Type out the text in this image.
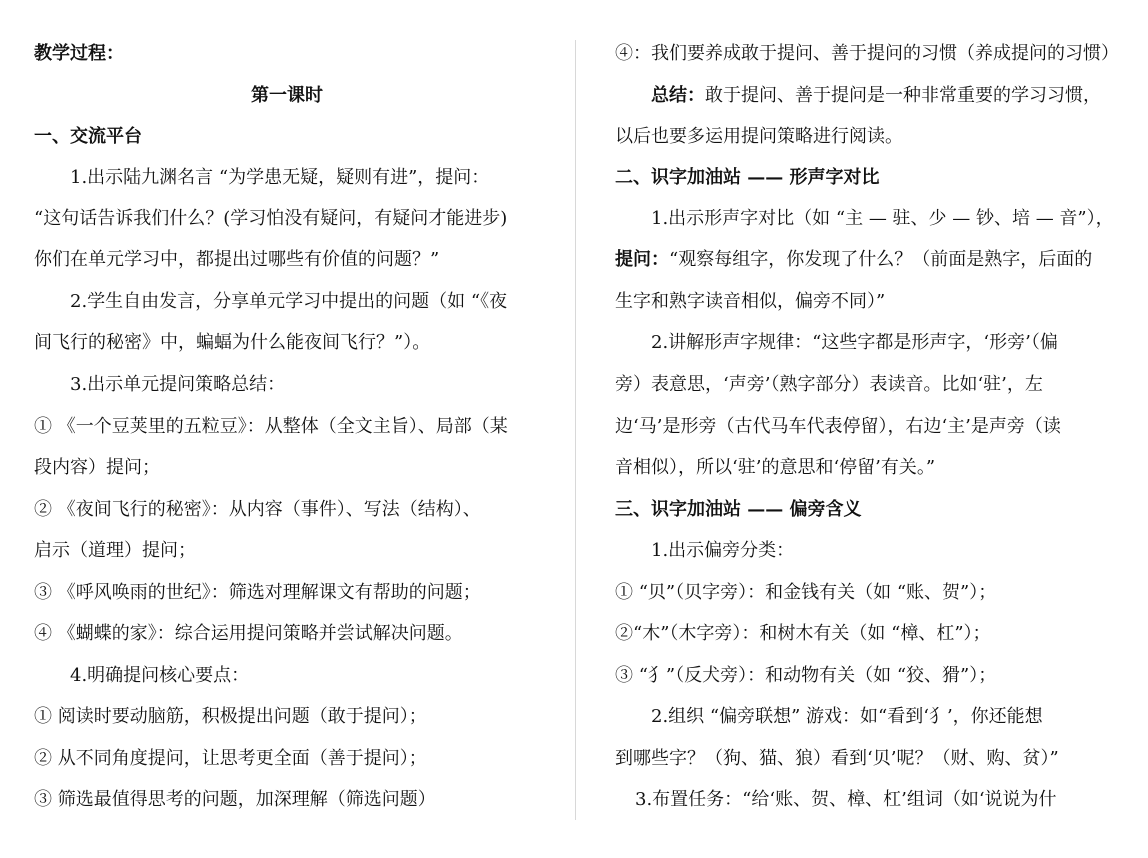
教学过程：
第一课时
一、交流平台
1.出示陆九渊名言 “为学患无疑，疑则有进”，提问：
“这句话告诉我们什么？(学习怕没有疑问，有疑问才能进步)
你们在单元学习中，都提出过哪些有价值的问题？”
2.学生自由发言，分享单元学习中提出的问题（如 “《夜
间飞行的秘密》中，蝙蝠为什么能夜间飞行？”）。
3.出示单元提问策略总结：
① 《一个豆荚里的五粒豆》：从整体（全文主旨）、局部（某
段内容）提问；
② 《夜间飞行的秘密》：从内容（事件）、写法（结构）、
启示（道理）提问；
③ 《呼风唤雨的世纪》：筛选对理解课文有帮助的问题；
④ 《蝴蝶的家》：综合运用提问策略并尝试解决问题。
4.明确提问核心要点：
① 阅读时要动脑筋，积极提出问题（敢于提问）；
② 从不同角度提问，让思考更全面（善于提问）；
③ 筛选最值得思考的问题，加深理解（筛选问题）
④：我们要养成敢于提问、善于提问的习惯（养成提问的习惯）
总结：敢于提问、善于提问是一种非常重要的学习习惯，
以后也要多运用提问策略进行阅读。
二、识字加油站 —— 形声字对比
1.出示形声字对比（如 “主 — 驻、少 — 钞、培 — 音”），
提问：“观察每组字，你发现了什么？（前面是熟字，后面的
生字和熟字读音相似，偏旁不同）”
2.讲解形声字规律：“这些字都是形声字，‘形旁’（偏
旁）表意思，‘声旁’（熟字部分）表读音。比如‘驻’，左
边‘马’是形旁（古代马车代表停留），右边‘主’是声旁（读
音相似），所以‘驻’的意思和‘停留’有关。”
三、识字加油站 —— 偏旁含义
1.出示偏旁分类：
① “贝”（贝字旁）：和金钱有关（如 “账、贺”）；
②“木”（木字旁）：和树木有关（如 “樟、杠”）；
③ “犭”（反犬旁）：和动物有关（如 “狡、猾”）；
2.组织 “偏旁联想” 游戏：如“看到‘犭’，你还能想
到哪些字？（狗、猫、狼）看到‘贝’呢？（财、购、贫）”
3.布置任务：“给‘账、贺、樟、杠’组词（如‘说说为什
